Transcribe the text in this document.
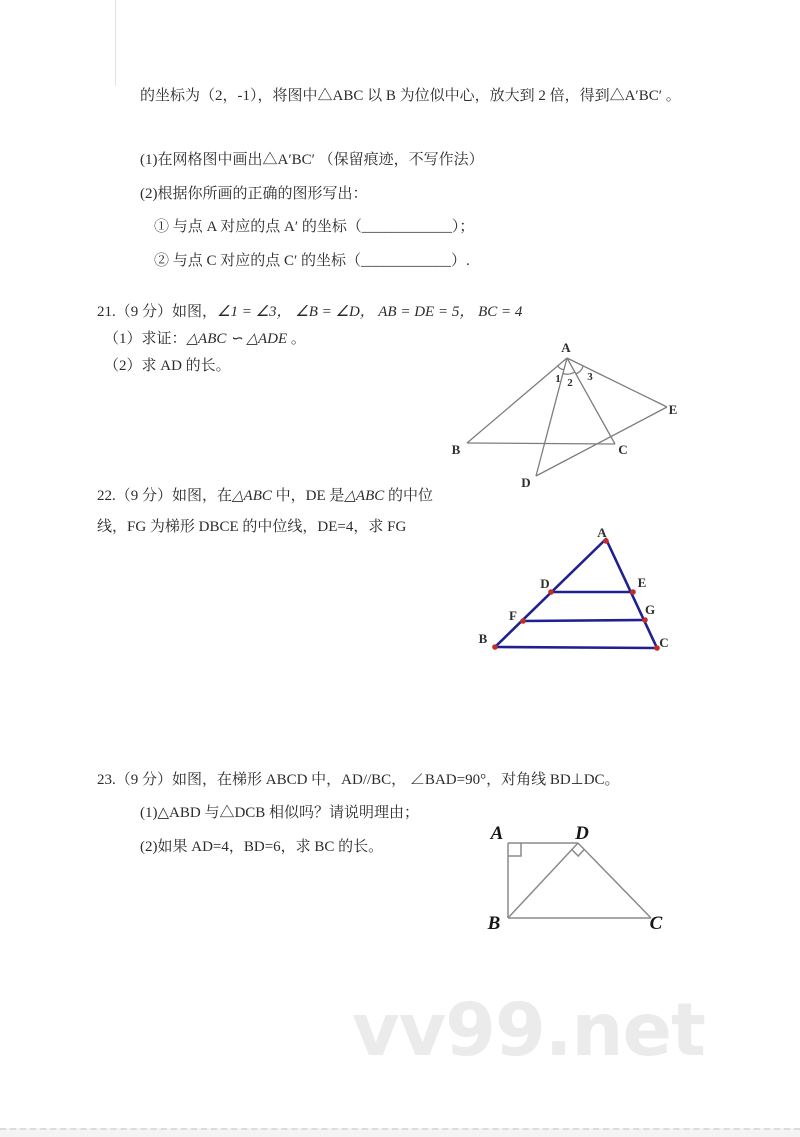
的坐标为（2，-1），将图中△ABC 以 B 为位似中心，放大到 2 倍，得到△A′BC′ 。
(1)在网格图中画出△A′BC′ （保留痕迹，不写作法）
(2)根据你所画的正确的图形写出：
① 与点 A 对应的点 A′ 的坐标（____________）；
② 与点 C 对应的点 C′ 的坐标（____________）.
21.（9 分）如图，∠1 = ∠3， ∠B = ∠D， AB = DE = 5， BC = 4
（1）求证：△ABC ∽ △ADE 。
（2）求 AD 的长。
A
B	C
D
E
1 2 3
22.（9 分）如图，在△ABC 中，DE 是△ABC 的中位
线，FG 为梯形 DBCE 的中位线，DE=4，求 FG	A
B	C
D	E
F	G
23.（9 分）如图，在梯形 ABCD 中，AD//BC， ∠BAD=90°，对角线 BD⊥DC。
(1)△ABD 与△DCB 相似吗？请说明理由；
(2)如果 AD=4，BD=6，求 BC 的长。
A	D
B	C
vv99.net
